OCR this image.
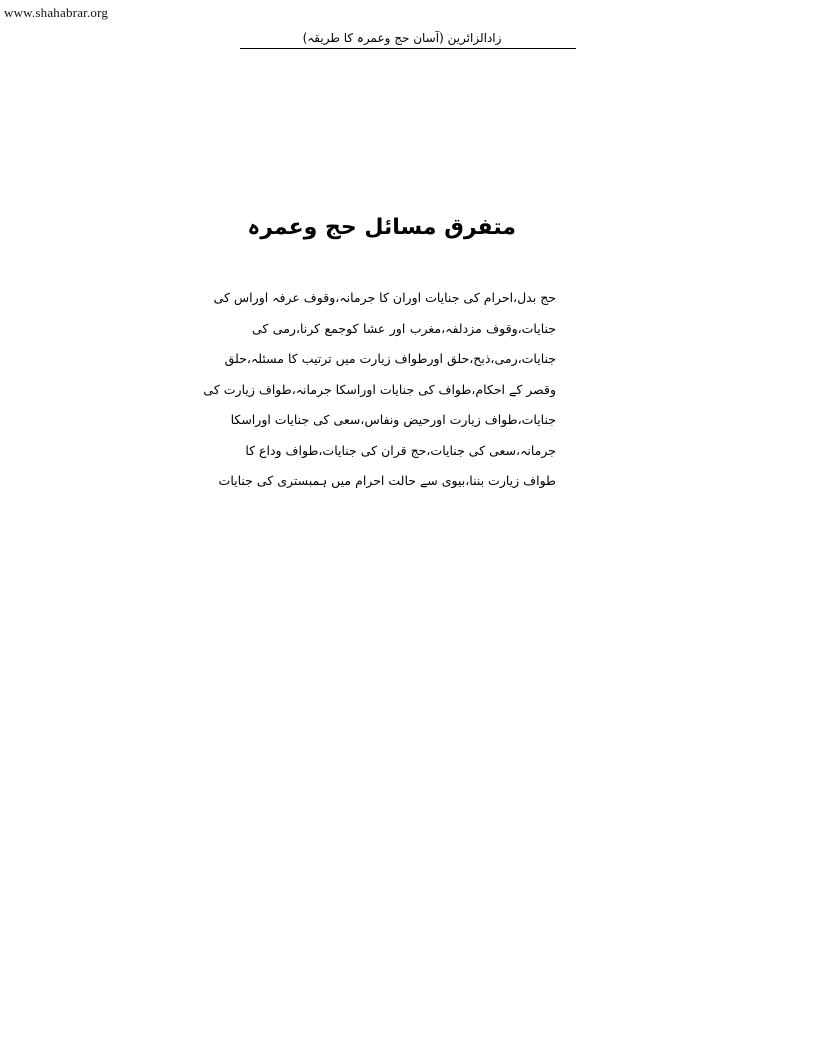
www.shahabrar.org
زادالزائرین (آسان حج وعمرہ کا طریقہ)
متفرق مسائل حج وعمرہ
حج بدل،احرام کی جنایات اوران کا جرمانہ،وقوف عرفہ اوراس کی
جنایات،وقوف مزدلفہ،مغرب اور عشا کوجمع کرنا،رمی کی
جنایات،رمی،ذبح،حلق اورطواف زیارت میں ترتیب کا مسئلہ،حلق
وقصر کے احکام،طواف کی جنایات اوراسکا جرمانہ،طواف زیارت کی
جنایات،طواف زیارت اورحیض ونفاس،سعی کی جنایات اوراسکا
جرمانہ،سعی کی جنایات،حج قران کی جنایات،طواف وداع کا
طواف زیارت بننا،بیوی سے حالت احرام میں ہمبستری کی جنایات
